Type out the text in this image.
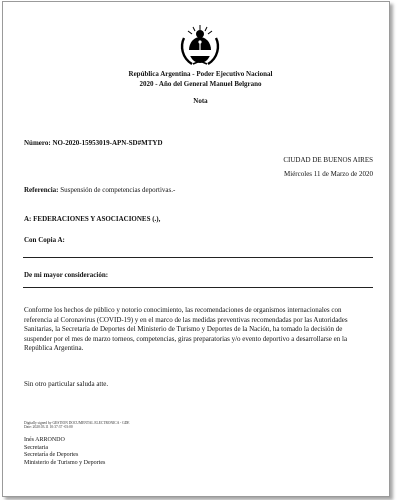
República Argentina - Poder Ejecutivo Nacional
2020 - Año del General Manuel Belgrano
Nota
Número: NO-2020-15953019-APN-SD#MTYD
CIUDAD DE BUENOS AIRES
Miércoles 11 de Marzo de 2020
Referencia: Suspensión de competencias deportivas.-
A: FEDERACIONES Y ASOCIACIONES (.),
Con Copia A:
De mi mayor consideración:
Conforme los hechos de público y notorio conocimiento, las recomendaciones de organismos internacionales con
referencia al Coronavirus (COVID-19) y en el marco de las medidas preventivas recomendadas por las Autoridades
Sanitarias, la Secretaría de Deportes del Ministerio de Turismo y Deportes de la Nación, ha tomado la decisión de
suspender por el mes de marzo torneos, competencias, giras preparatorias y/o evento deportivo a desarrollarse en la
República Argentina.
Sin otro particular saluda atte.
Digitally signed by GESTION DOCUMENTAL ELECTRONICA - GDE
Date: 2020.03.11 10:37:37 -03:00
Inés ARRONDO
Secretaria
Secretaría de Deportes
Ministerio de Turismo y Deportes
